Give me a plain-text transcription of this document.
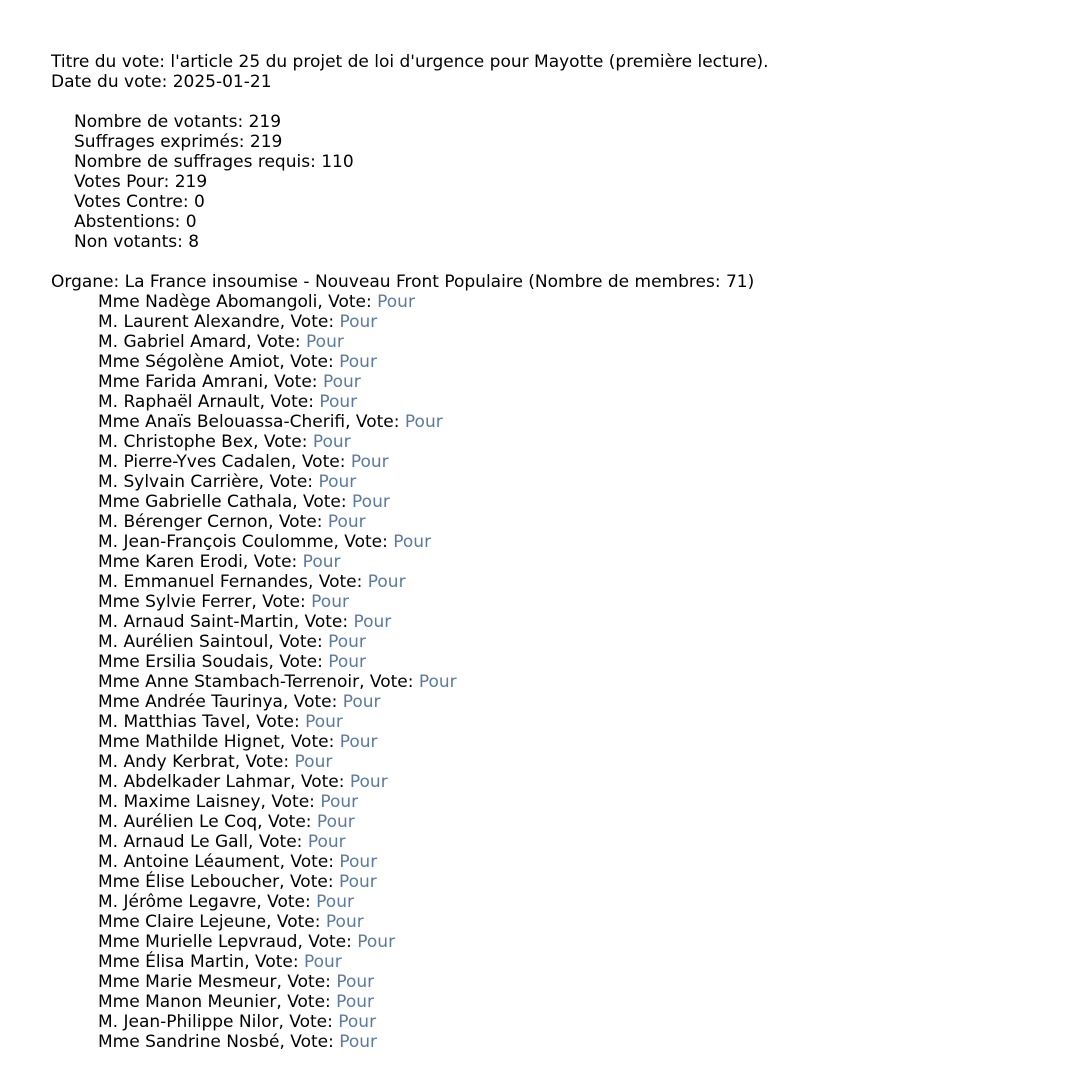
Titre du vote: l'article 25 du projet de loi d'urgence pour Mayotte (première lecture).
Date du vote: 2025-01-21
Nombre de votants: 219
Suffrages exprimés: 219
Nombre de suffrages requis: 110
Votes Pour: 219
Votes Contre: 0
Abstentions: 0
Non votants: 8
Organe: La France insoumise - Nouveau Front Populaire (Nombre de membres: 71)
Mme Nadège Abomangoli, Vote: Pour
M. Laurent Alexandre, Vote: Pour
M. Gabriel Amard, Vote: Pour
Mme Ségolène Amiot, Vote: Pour
Mme Farida Amrani, Vote: Pour
M. Raphaël Arnault, Vote: Pour
Mme Anaïs Belouassa-Cherifi, Vote: Pour
M. Christophe Bex, Vote: Pour
M. Pierre-Yves Cadalen, Vote: Pour
M. Sylvain Carrière, Vote: Pour
Mme Gabrielle Cathala, Vote: Pour
M. Bérenger Cernon, Vote: Pour
M. Jean-François Coulomme, Vote: Pour
Mme Karen Erodi, Vote: Pour
M. Emmanuel Fernandes, Vote: Pour
Mme Sylvie Ferrer, Vote: Pour
M. Arnaud Saint-Martin, Vote: Pour
M. Aurélien Saintoul, Vote: Pour
Mme Ersilia Soudais, Vote: Pour
Mme Anne Stambach-Terrenoir, Vote: Pour
Mme Andrée Taurinya, Vote: Pour
M. Matthias Tavel, Vote: Pour
Mme Mathilde Hignet, Vote: Pour
M. Andy Kerbrat, Vote: Pour
M. Abdelkader Lahmar, Vote: Pour
M. Maxime Laisney, Vote: Pour
M. Aurélien Le Coq, Vote: Pour
M. Arnaud Le Gall, Vote: Pour
M. Antoine Léaument, Vote: Pour
Mme Élise Leboucher, Vote: Pour
M. Jérôme Legavre, Vote: Pour
Mme Claire Lejeune, Vote: Pour
Mme Murielle Lepvraud, Vote: Pour
Mme Élisa Martin, Vote: Pour
Mme Marie Mesmeur, Vote: Pour
Mme Manon Meunier, Vote: Pour
M. Jean-Philippe Nilor, Vote: Pour
Mme Sandrine Nosbé, Vote: Pour
